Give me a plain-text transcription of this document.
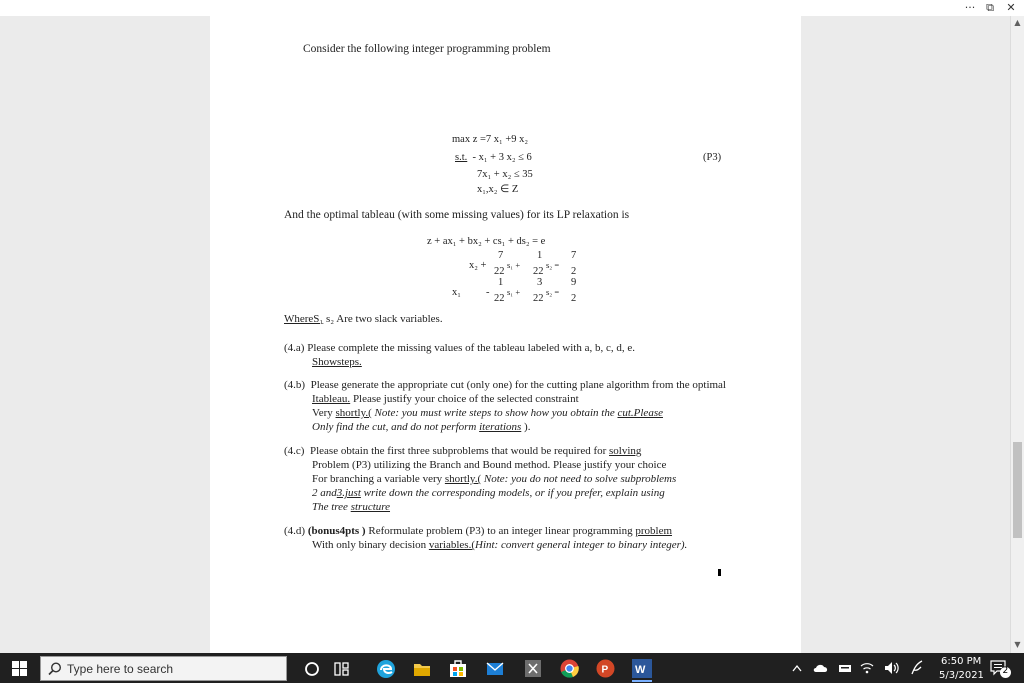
··· ⧉	✕
▲
▼
Consider the following integer programming problem
max z =7 x₁ +9 x₂
s.t. - x₁ + 3 x₂ ≤ 6
7x₁ + x₂ ≤ 35
x₁,x₂ ∈ Z
(P3)
And the optimal tableau (with some missing values) for its LP relaxation is
z + ax₁ + bx₂ + cs₁ + ds₂ = e
x₂ +
7
22
s₁ +
1
22
s₂ =
7
2
x₁ -
1
22
s₁ +
3
22
s₂ =
9
2
WhereS₁ s₂ Are two slack variables.
(4.a) Please complete the missing values of the tableau labeled with a, b, c, d, e.
Showsteps.
(4.b) Please generate the appropriate cut (only one) for the cutting plane algorithm from the optimal
Itableau. Please justify your choice of the selected constraint
Very shortly.( Note: you must write steps to show how you obtain the cut.Please
Only find the cut, and do not perform iterations ).
(4.c) Please obtain the first three subproblems that would be required for solving
Problem (P3) utilizing the Branch and Bound method. Please justify your choice
For branching a variable very shortly.( Note: you do not need to solve subproblems
2 and3.just write down the corresponding models, or if you prefer, explain using
The tree structure
(4.d) (bonus4pts ) Reformulate problem (P3) to an integer linear programming problem
With only binary decision variables.(Hint: convert general integer to binary integer).
Type here to search	P W
6:50 PM
5/3/2021 2
